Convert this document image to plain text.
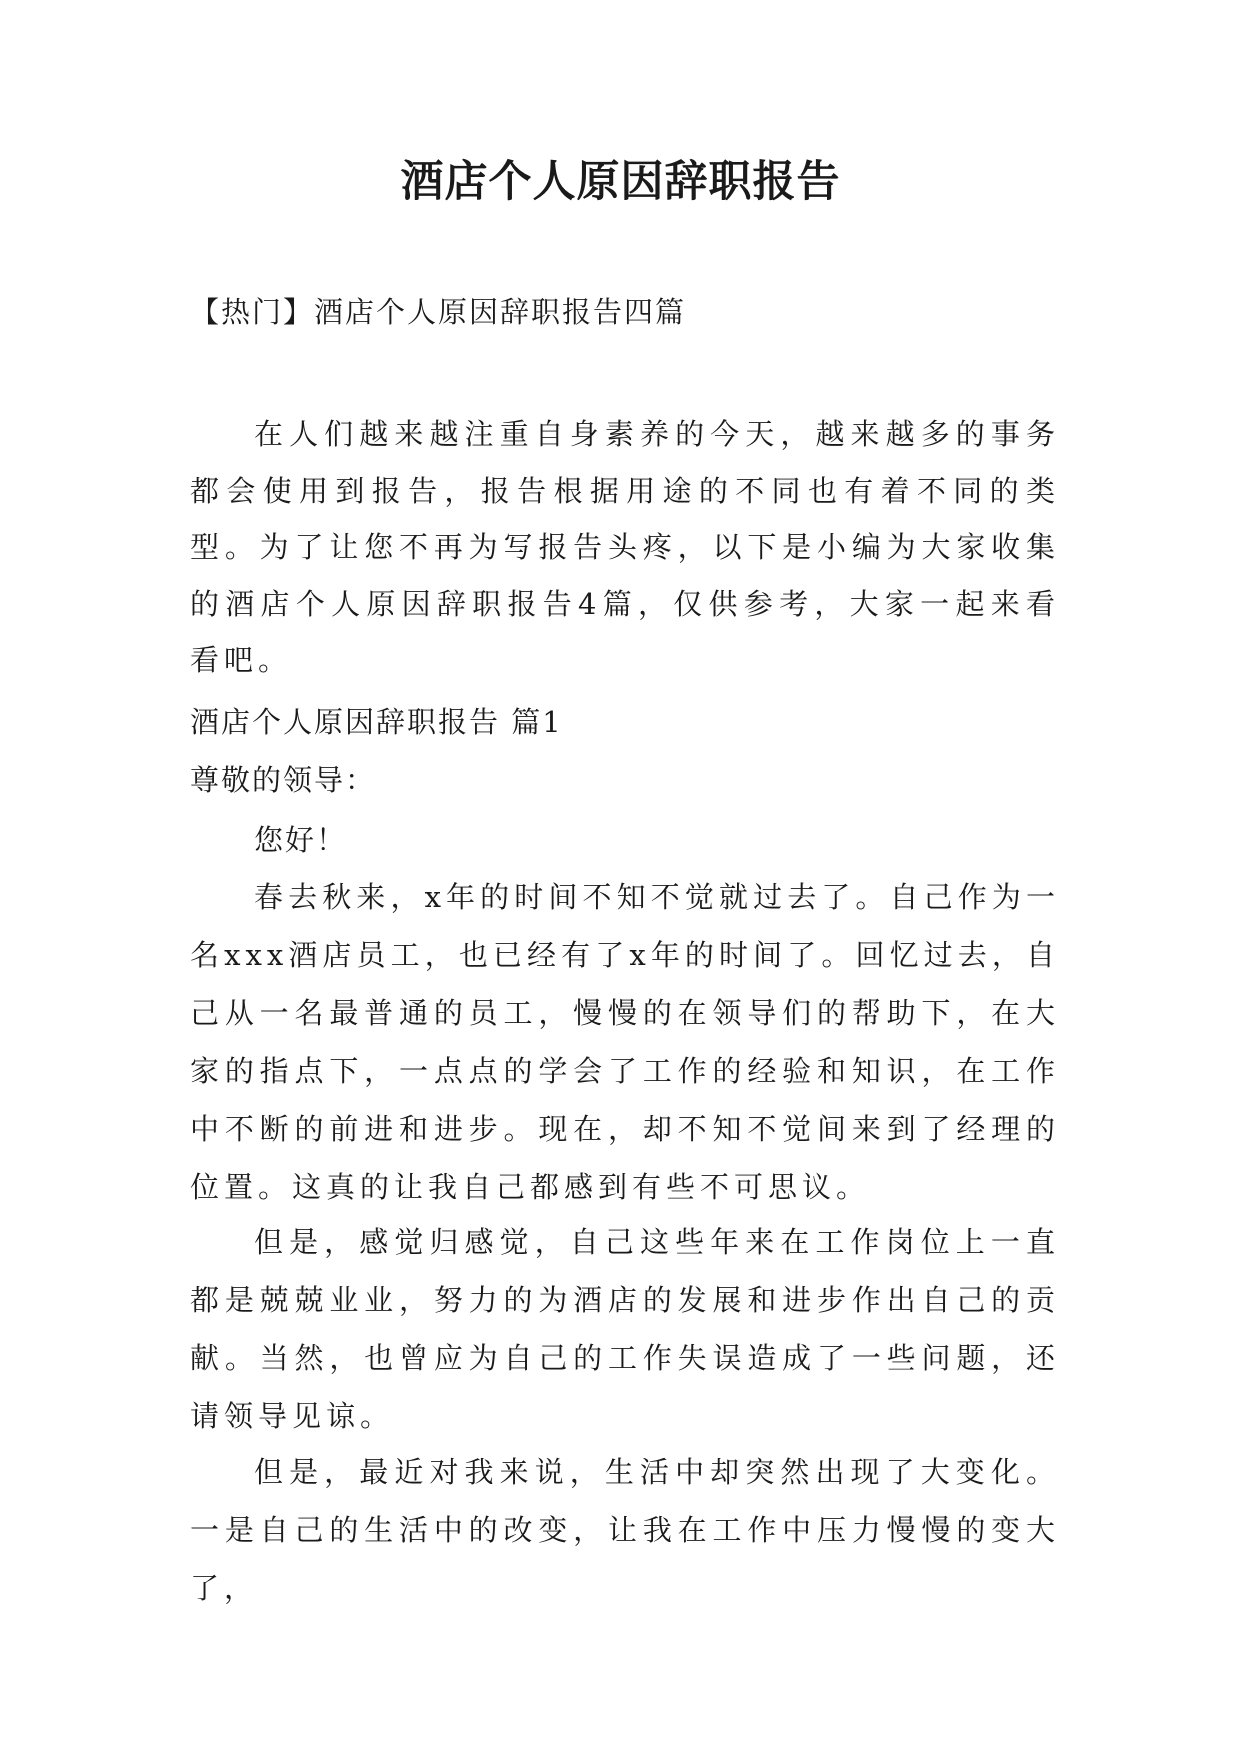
酒店个人原因辞职报告

【热门】酒店个人原因辞职报告四篇

在人们越来越注重自身素养的今天，越来越多的事务都会使用到报告，报告根据用途的不同也有着不同的类型。为了让您不再为写报告头疼，以下是小编为大家收集的酒店个人原因辞职报告4篇，仅供参考，大家一起来看看吧。

酒店个人原因辞职报告 篇1

尊敬的领导：

您好！

春去秋来，x年的时间不知不觉就过去了。自己作为一名xxx酒店员工，也已经有了x年的时间了。回忆过去，自己从一名最普通的员工，慢慢的在领导们的帮助下，在大家的指点下，一点点的学会了工作的经验和知识，在工作中不断的前进和进步。现在，却不知不觉间来到了经理的位置。这真的让我自己都感到有些不可思议。

但是，感觉归感觉，自己这些年来在工作岗位上一直都是兢兢业业，努力的为酒店的发展和进步作出自己的贡献。当然，也曾应为自己的工作失误造成了一些问题，还请领导见谅。

但是，最近对我来说，生活中却突然出现了大变化。一是自己的生活中的改变，让我在工作中压力慢慢的变大了，
